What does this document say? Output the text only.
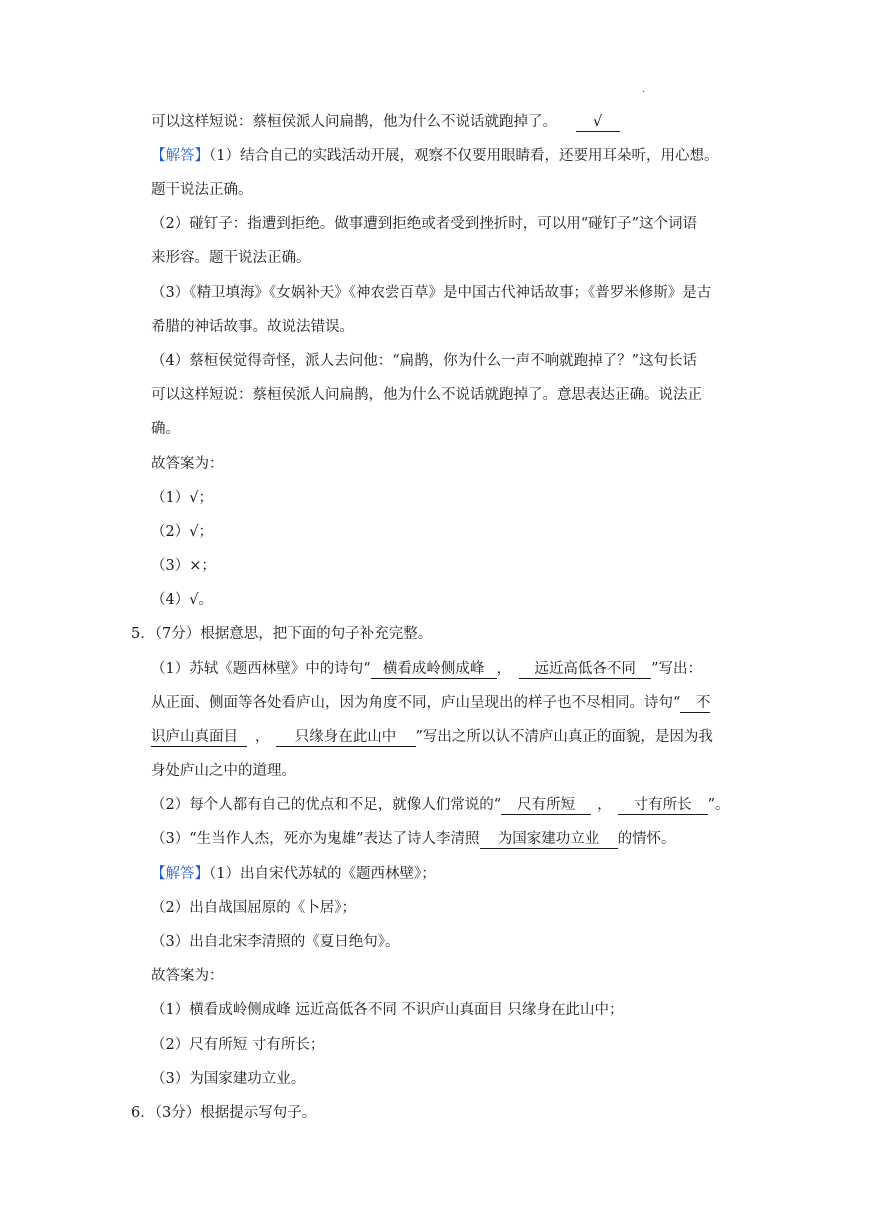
.
可以这样短说：蔡桓侯派人问扁鹊，他为什么不说话就跑掉了。 √
【解答】（1）结合自己的实践活动开展，观察不仅要用眼睛看，还要用耳朵听，用心想。
题干说法正确。
（2）碰钉子：指遭到拒绝。做事遭到拒绝或者受到挫折时，可以用“碰钉子”这个词语
来形容。题干说法正确。
（3）《精卫填海》《女娲补天》《神农尝百草》是中国古代神话故事；《普罗米修斯》是古
希腊的神话故事。故说法错误。
（4）蔡桓侯觉得奇怪，派人去问他：“扁鹊，你为什么一声不响就跑掉了？”这句长话
可以这样短说：蔡桓侯派人问扁鹊，他为什么不说话就跑掉了。意思表达正确。说法正
确。
故答案为：
（1）√；
（2）√；
（3）×；
（4）√。
5．（7分）根据意思，把下面的句子补充完整。
（1）苏轼《题西林壁》中的诗句“ 横看成岭侧成峰 ， 远近高低各不同 ”写出：
从正面、侧面等各处看庐山，因为角度不同，庐山呈现出的样子也不尽相同。诗句“ 不
识庐山真面目 ， 只缘身在此山中 ”写出之所以认不清庐山真正的面貌，是因为我
身处庐山之中的道理。
（2）每个人都有自己的优点和不足，就像人们常说的“ 尺有所短 ， 寸有所长 ”。
（3）“生当作人杰，死亦为鬼雄”表达了诗人李清照 为国家建功立业 的情怀。
【解答】（1）出自宋代苏轼的《题西林壁》；
（2）出自战国屈原的《卜居》；
（3）出自北宋李清照的《夏日绝句》。
故答案为：
（1）横看成岭侧成峰 远近高低各不同 不识庐山真面目 只缘身在此山中；
（2）尺有所短 寸有所长；
（3）为国家建功立业。
6．（3分）根据提示写句子。
